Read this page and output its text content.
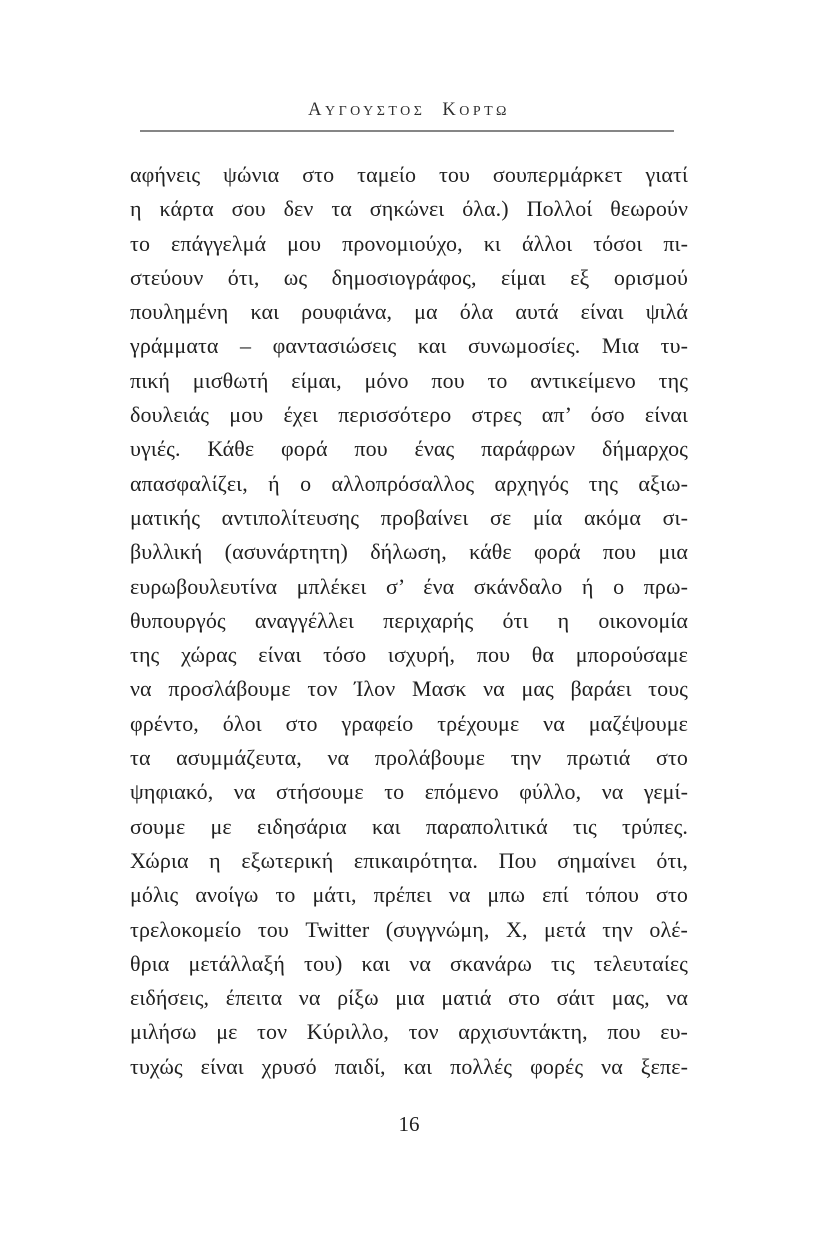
ΑΥΓΟΥΣΤΟΣ ΚΟΡΤΩ
αφήνεις ψώνια στο ταμείο του σουπερμάρκετ γιατί
η κάρτα σου δεν τα σηκώνει όλα.) Πολλοί θεωρούν
το επάγγελμά μου προνομιούχο, κι άλλοι τόσοι πι-
στεύουν ότι, ως δημοσιογράφος, είμαι εξ ορισμού
πουλημένη και ρουφιάνα, μα όλα αυτά είναι ψιλά
γράμματα – φαντασιώσεις και συνωμοσίες. Μια τυ-
πική μισθωτή είμαι, μόνο που το αντικείμενο της
δουλειάς μου έχει περισσότερο στρες απ’ όσο είναι
υγιές. Κάθε φορά που ένας παράφρων δήμαρχος
απασφαλίζει, ή ο αλλοπρόσαλλος αρχηγός της αξιω-
ματικής αντιπολίτευσης προβαίνει σε μία ακόμα σι-
βυλλική (ασυνάρτητη) δήλωση, κάθε φορά που μια
ευρωβουλευτίνα μπλέκει σ’ ένα σκάνδαλο ή ο πρω-
θυπουργός αναγγέλλει περιχαρής ότι η οικονομία
της χώρας είναι τόσο ισχυρή, που θα μπορούσαμε
να προσλάβουμε τον Ίλον Μασκ να μας βαράει τους
φρέντο, όλοι στο γραφείο τρέχουμε να μαζέψουμε
τα ασυμμάζευτα, να προλάβουμε την πρωτιά στο
ψηφιακό, να στήσουμε το επόμενο φύλλο, να γεμί-
σουμε με ειδησάρια και παραπολιτικά τις τρύπες.
Χώρια η εξωτερική επικαιρότητα. Που σημαίνει ότι,
μόλις ανοίγω το μάτι, πρέπει να μπω επί τόπου στο
τρελοκομείο του Twitter (συγγνώμη, X, μετά την ολέ-
θρια μετάλλαξή του) και να σκανάρω τις τελευταίες
ειδήσεις, έπειτα να ρίξω μια ματιά στο σάιτ μας, να
μιλήσω με τον Κύριλλο, τον αρχισυντάκτη, που ευ-
τυχώς είναι χρυσό παιδί, και πολλές φορές να ξεπε-
16
